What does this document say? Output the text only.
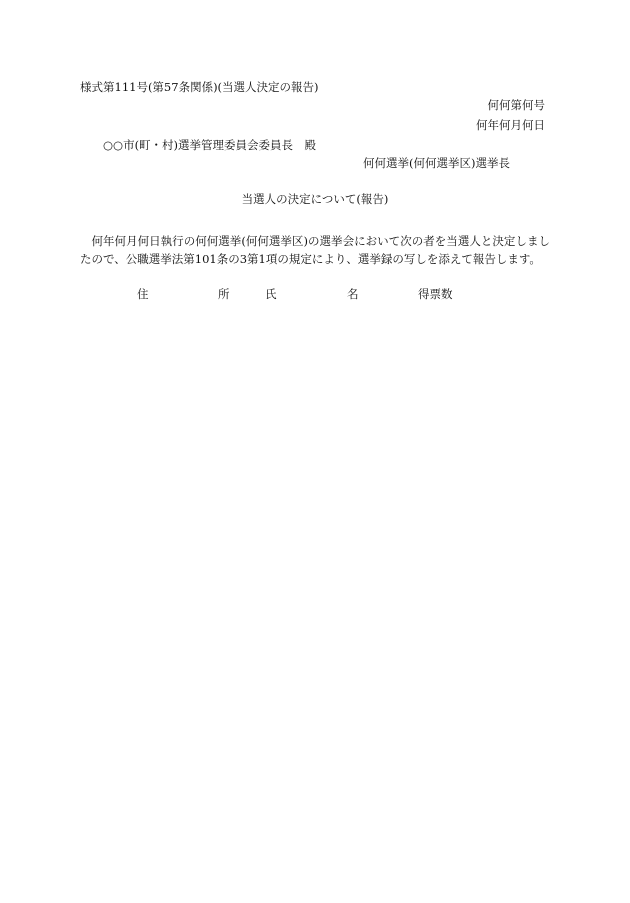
様式第111号(第57条関係)(当選人決定の報告)
何何第何号
何年何月何日
○○市(町・村)選挙管理委員会委員長　殿
何何選挙(何何選挙区)選挙長
当選人の決定について(報告)
何年何月何日執行の何何選挙(何何選挙区)の選挙会において次の者を当選人と決定しましたので、公職選挙法第101条の3第1項の規定により、選挙録の写しを添えて報告します。
住	所	氏	名	得票数
